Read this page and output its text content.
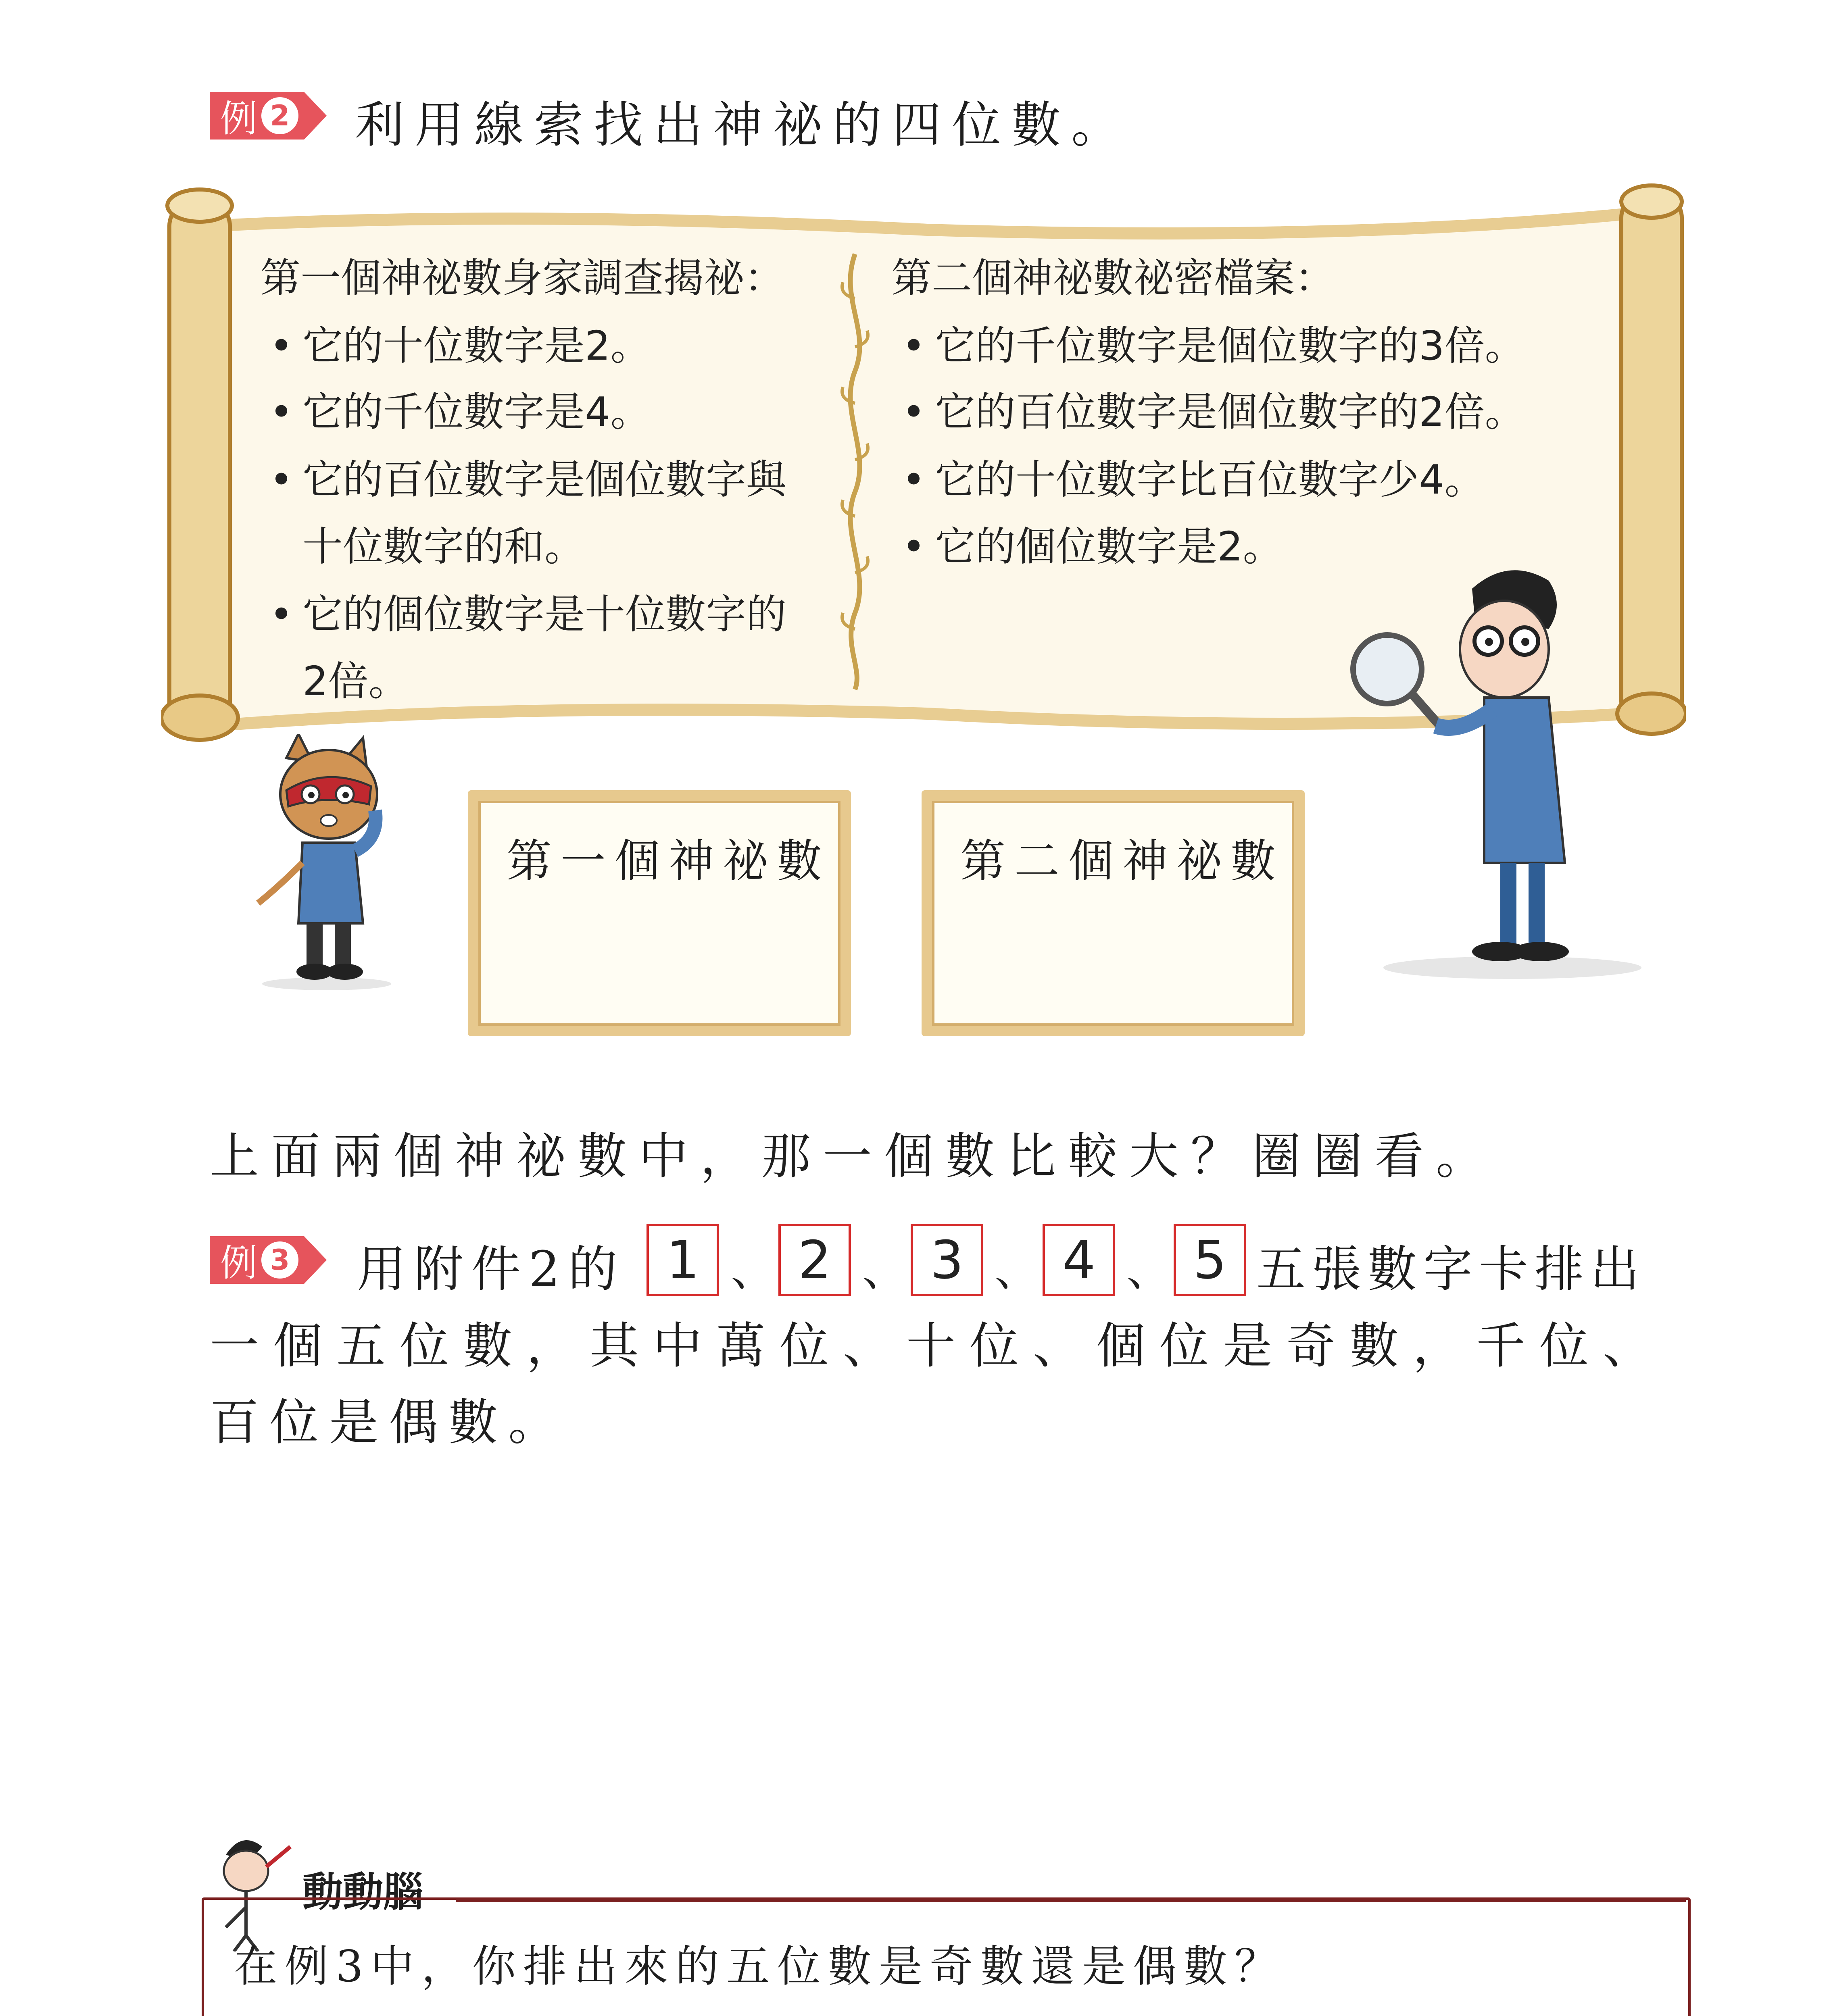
例 2 利用線索找出神祕的四位數。
第一個神祕數身家調查揭祕：
• 它的十位數字是2。
• 它的千位數字是4。
• 它的百位數字是個位數字與
十位數字的和。
• 它的個位數字是十位數字的
2倍。
第二個神祕數祕密檔案：
• 它的千位數字是個位數字的3倍。
• 它的百位數字是個位數字的2倍。
• 它的十位數字比百位數字少4。
• 它的個位數字是2。
第一個神祕數	第二個神祕數
上面兩個神祕數中，那一個數比較大？圈圈看。
例 3 用附件2的 1 、 2 、 3 、 4 、 5 五張數字卡排出
一個五位數，其中萬位、十位、個位是奇數，千位、
百位是偶數。
動動腦
在例3中，你排出來的五位數是奇數還是偶數？
